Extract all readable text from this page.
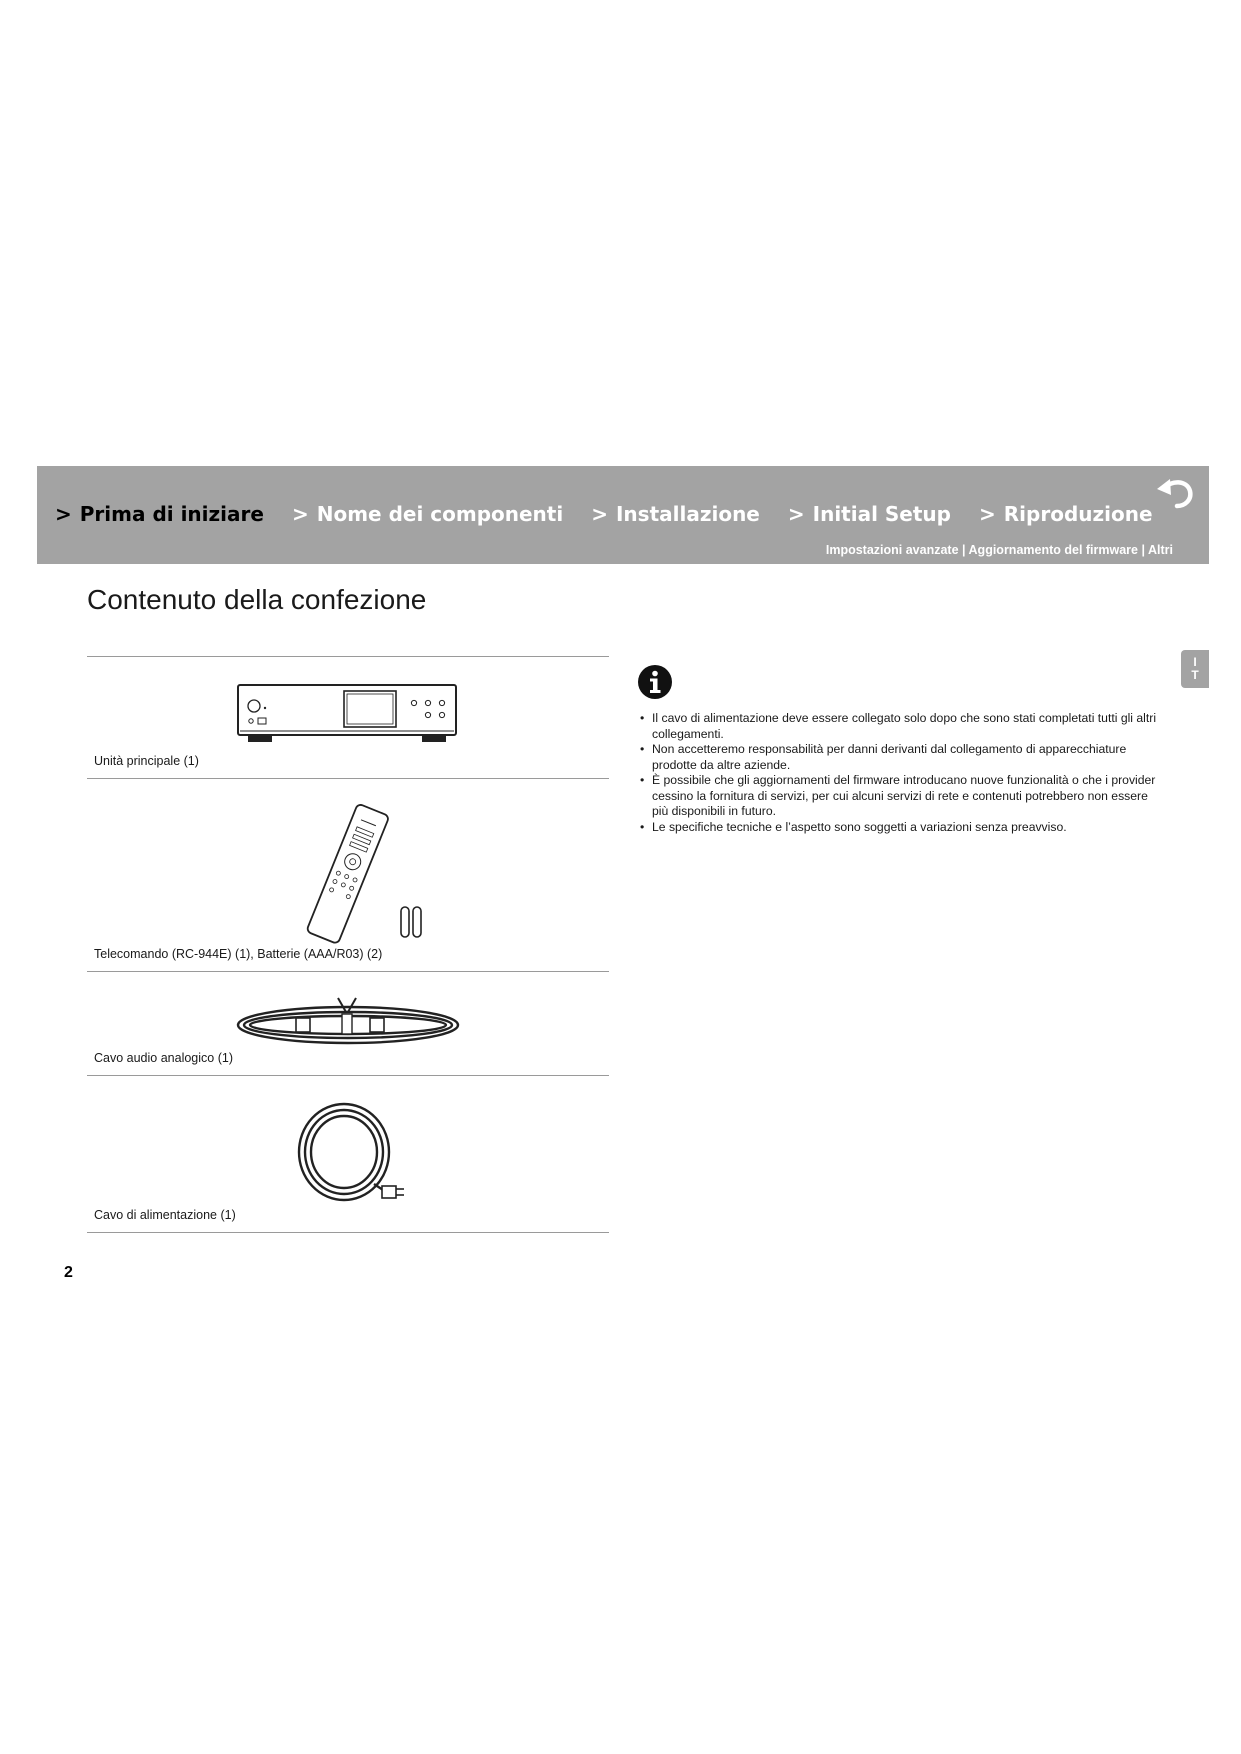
> Prima di iniziare > Nome dei componenti > Installazione > Initial Setup > Riproduzione
Impostazioni avanzate | Aggiornamento del firmware | Altri
I
T
Contenuto della confezione
Unità principale (1)
Telecomando (RC-944E) (1), Batterie (AAA/R03) (2)
Cavo audio analogico (1)
Cavo di alimentazione (1)
• Il cavo di alimentazione deve essere collegato solo dopo che sono stati completati tutti gli altri collegamenti.
• Non accetteremo responsabilità per danni derivanti dal collegamento di apparecchiature prodotte da altre aziende.
• È possibile che gli aggiornamenti del firmware introducano nuove funzionalità o che i provider cessino la fornitura di servizi, per cui alcuni servizi di rete e contenuti potrebbero non essere più disponibili in futuro.
• Le specifiche tecniche e l’aspetto sono soggetti a variazioni senza preavviso.
2
